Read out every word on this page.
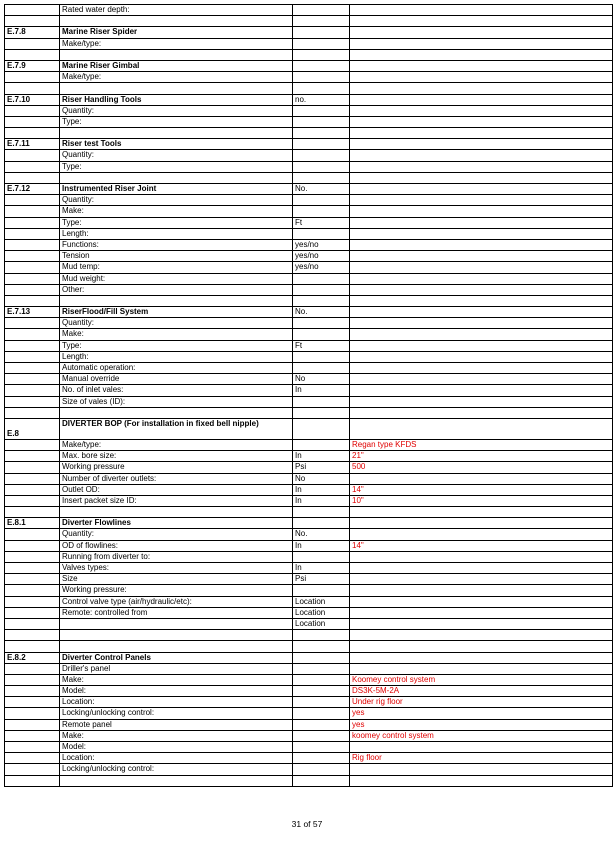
	Rated water depth:		

E.7.8	Marine Riser Spider		
	Make/type:		

E.7.9	Marine Riser Gimbal		
	Make/type:		

E.7.10	Riser Handling Tools	no.	
	Quantity:		
	Type:		

E.7.11	Riser test Tools		
	Quantity:		
	Type:		

E.7.12	Instrumented Riser Joint	No.	
	Quantity:		
	Make:		
	Type:	Ft	
	Length:		
	Functions:	yes/no	
	Tension	yes/no	
	Mud temp:	yes/no	
	Mud weight:		
	Other:		

E.7.13	RiserFlood/Fill System	No.	
	Quantity:		
	Make:		
	Type:	Ft	
	Length:		
	Automatic operation:		
	Manual override	No	
	No. of inlet vales:	In	
	Size of vales (ID):		

E.8	DIVERTER BOP (For installation in fixed bell nipple)		
	Make/type:		Regan type KFDS
	Max. bore size:	In	21"
	Working pressure	Psi	500
	Number of diverter outlets:	No	
	Outlet OD:	In	14"
	Insert packet size ID:	In	10"

E.8.1	Diverter Flowlines		
	Quantity:	No.	
	OD of flowlines:	In	14"
	Running from diverter to:		
	Valves types:	In	
	Size	Psi	
	Working pressure:		
	Control valve type (air/hydraulic/etc):	Location	
	Remote: controlled from	Location	
		Location	

E.8.2	Diverter Control Panels		
	Driller's panel		
	Make:		Koomey control system
	Model:		DS3K-5M-2A
	Location:		Under rig floor
	Locking/unlocking control:		yes
	Remote panel		yes
	Make:		koomey control system
	Model:		
	Location:		Rig floor
	Locking/unlocking control:		

31 of 57
